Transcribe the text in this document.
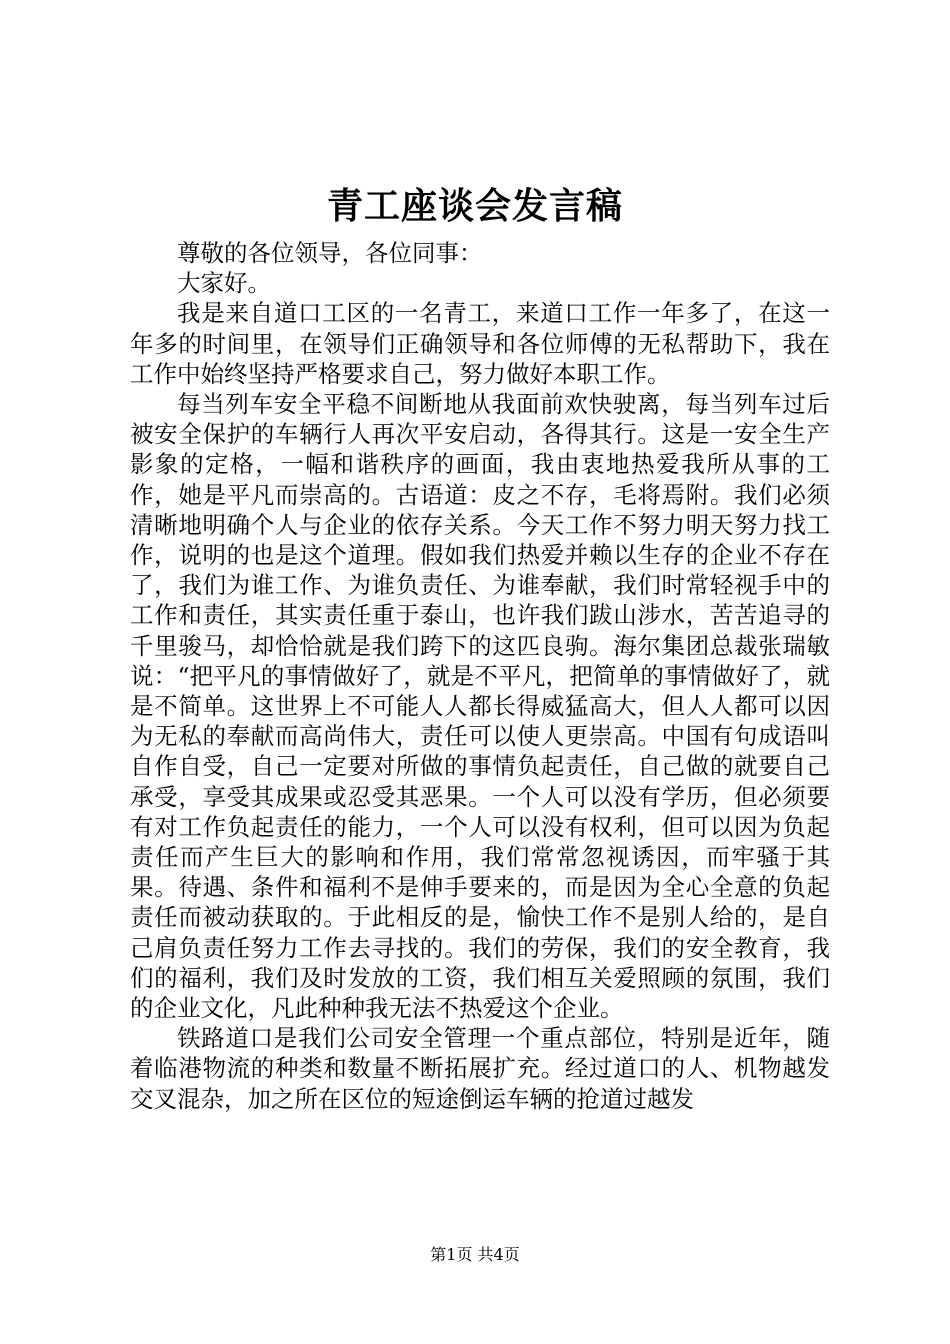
青工座谈会发言稿

尊敬的各位领导，各位同事：

大家好。

我是来自道口工区的一名青工，来道口工作一年多了，在这一年多的时间里，在领导们正确领导和各位师傅的无私帮助下，我在工作中始终坚持严格要求自己，努力做好本职工作。

每当列车安全平稳不间断地从我面前欢快驶离，每当列车过后被安全保护的车辆行人再次平安启动，各得其行。这是一安全生产影象的定格，一幅和谐秩序的画面，我由衷地热爱我所从事的工作，她是平凡而崇高的。古语道：皮之不存，毛将焉附。我们必须清晰地明确个人与企业的依存关系。今天工作不努力明天努力找工作，说明的也是这个道理。假如我们热爱并赖以生存的企业不存在了，我们为谁工作、为谁负责任、为谁奉献，我们时常轻视手中的工作和责任，其实责任重于泰山，也许我们跋山涉水，苦苦追寻的千里骏马，却恰恰就是我们跨下的这匹良驹。海尔集团总裁张瑞敏说：“把平凡的事情做好了，就是不平凡，把简单的事情做好了，就是不简单。这世界上不可能人人都长得威猛高大，但人人都可以因为无私的奉献而高尚伟大，责任可以使人更崇高。中国有句成语叫自作自受，自己一定要对所做的事情负起责任，自己做的就要自己承受，享受其成果或忍受其恶果。一个人可以没有学历，但必须要有对工作负起责任的能力，一个人可以没有权利，但可以因为负起责任而产生巨大的影响和作用，我们常常忽视诱因，而牢骚于其果。待遇、条件和福利不是伸手要来的，而是因为全心全意的负起责任而被动获取的。于此相反的是，愉快工作不是别人给的，是自己肩负责任努力工作去寻找的。我们的劳保，我们的安全教育，我们的福利，我们及时发放的工资，我们相互关爱照顾的氛围，我们的企业文化，凡此种种我无法不热爱这个企业。

铁路道口是我们公司安全管理一个重点部位，特别是近年，随着临港物流的种类和数量不断拓展扩充。经过道口的人、机物越发交叉混杂，加之所在区位的短途倒运车辆的抢道过越发

第1页 共4页
